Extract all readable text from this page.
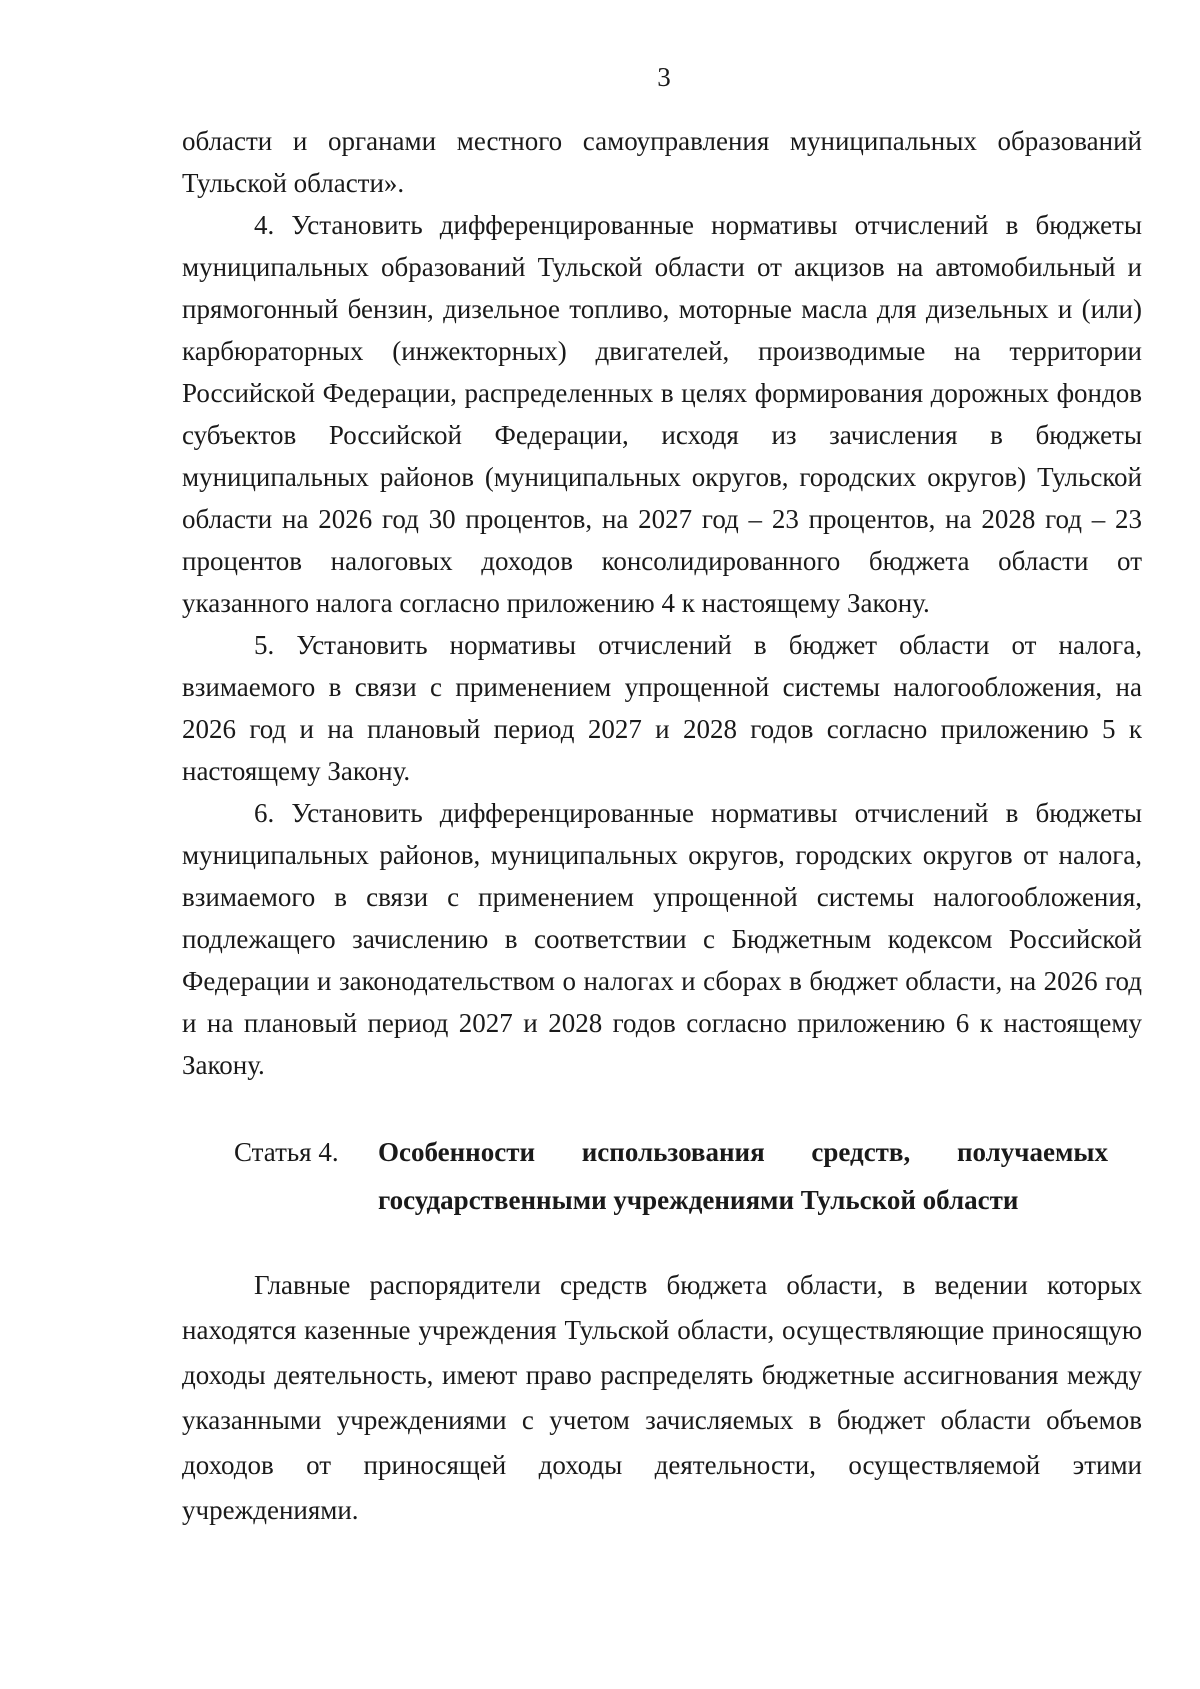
3

области и органами местного самоуправления муниципальных образований Тульской области».

4. Установить дифференцированные нормативы отчислений в бюджеты муниципальных образований Тульской области от акцизов на автомобильный и прямогонный бензин, дизельное топливо, моторные масла для дизельных и (или) карбюраторных (инжекторных) двигателей, производимые на территории Российской Федерации, распределенных в целях формирования дорожных фондов субъектов Российской Федерации, исходя из зачисления в бюджеты муниципальных районов (муниципальных округов, городских округов) Тульской области на 2026 год 30 процентов, на 2027 год – 23 процентов, на 2028 год – 23 процентов налоговых доходов консолидированного бюджета области от указанного налога согласно приложению 4 к настоящему Закону.

5. Установить нормативы отчислений в бюджет области от налога, взимаемого в связи с применением упрощенной системы налогообложения, на 2026 год и на плановый период 2027 и 2028 годов согласно приложению 5 к настоящему Закону.

6. Установить дифференцированные нормативы отчислений в бюджеты муниципальных районов, муниципальных округов, городских округов от налога, взимаемого в связи с применением упрощенной системы налогообложения, подлежащего зачислению в соответствии с Бюджетным кодексом Российской Федерации и законодательством о налогах и сборах в бюджет области, на 2026 год и на плановый период 2027 и 2028 годов согласно приложению 6 к настоящему Закону.

Статья 4.	Особенности использования средств, получаемых государственными учреждениями Тульской области

Главные распорядители средств бюджета области, в ведении которых находятся казенные учреждения Тульской области, осуществляющие приносящую доходы деятельность, имеют право распределять бюджетные ассигнования между указанными учреждениями с учетом зачисляемых в бюджет области объемов доходов от приносящей доходы деятельности, осуществляемой этими учреждениями.
